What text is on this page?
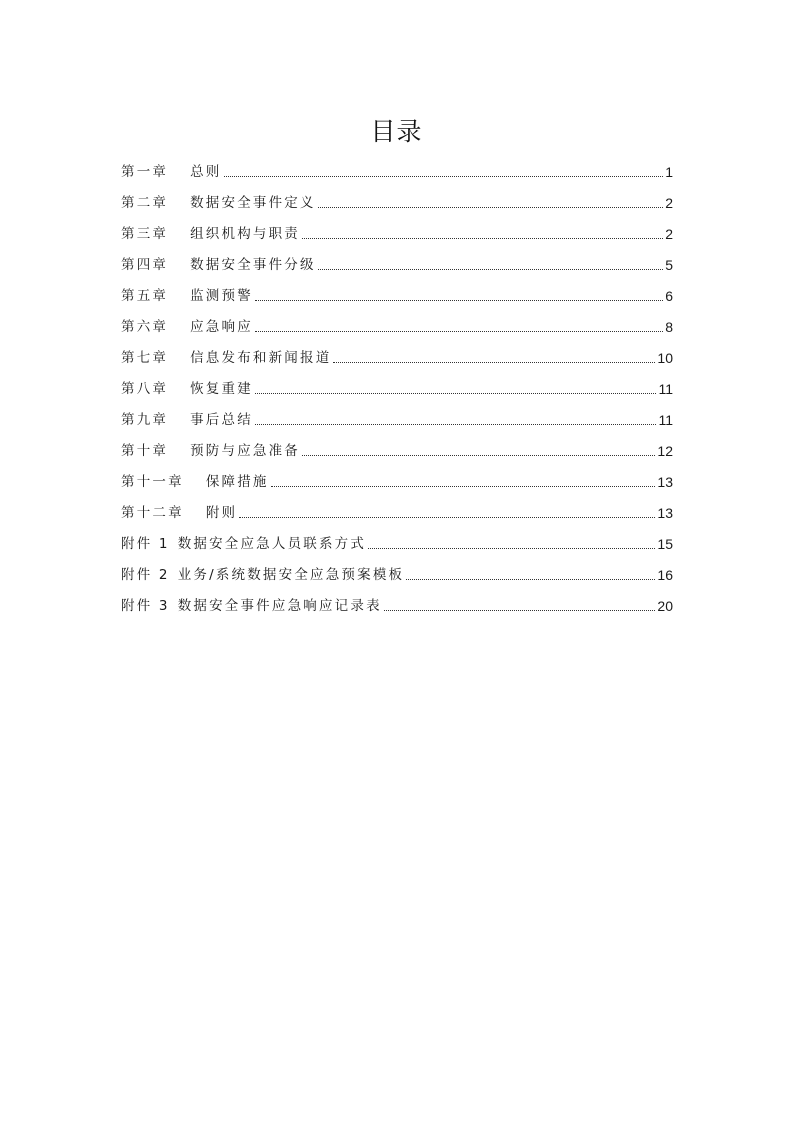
目录
第一章 总则	1
第二章 数据安全事件定义	2
第三章 组织机构与职责	2
第四章 数据安全事件分级	5
第五章 监测预警	6
第六章 应急响应	8
第七章 信息发布和新闻报道	10
第八章 恢复重建	11
第九章 事后总结	11
第十章 预防与应急准备	12
第十一章 保障措施	13
第十二章 附则	13
附件 1 数据安全应急人员联系方式	15
附件 2 业务/系统数据安全应急预案模板	16
附件 3 数据安全事件应急响应记录表	20
